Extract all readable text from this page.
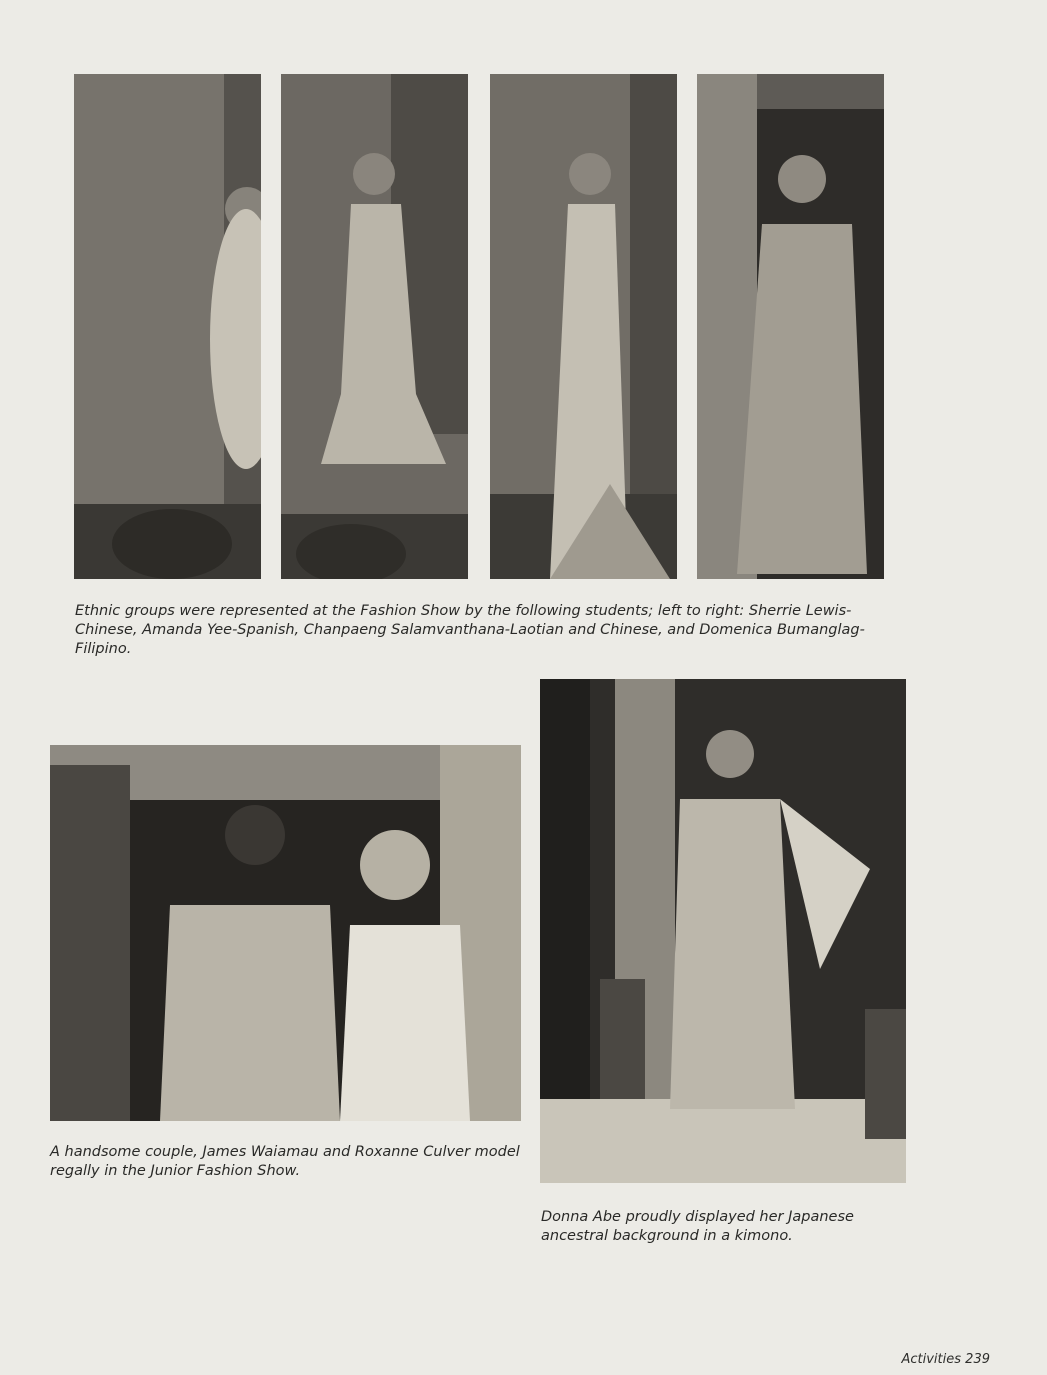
Ethnic groups were represented at the Fashion Show by the following students; left to right: Sherrie Lewis-Chinese, Amanda Yee-Spanish, Chanpaeng Salamvanthana-Laotian and Chinese, and Domenica Bumanglag-Filipino.

A handsome couple, James Waiamau and Roxanne Culver model regally in the Junior Fashion Show.

Donna Abe proudly displayed her Japanese ancestral background in a kimono.

Activities 239
